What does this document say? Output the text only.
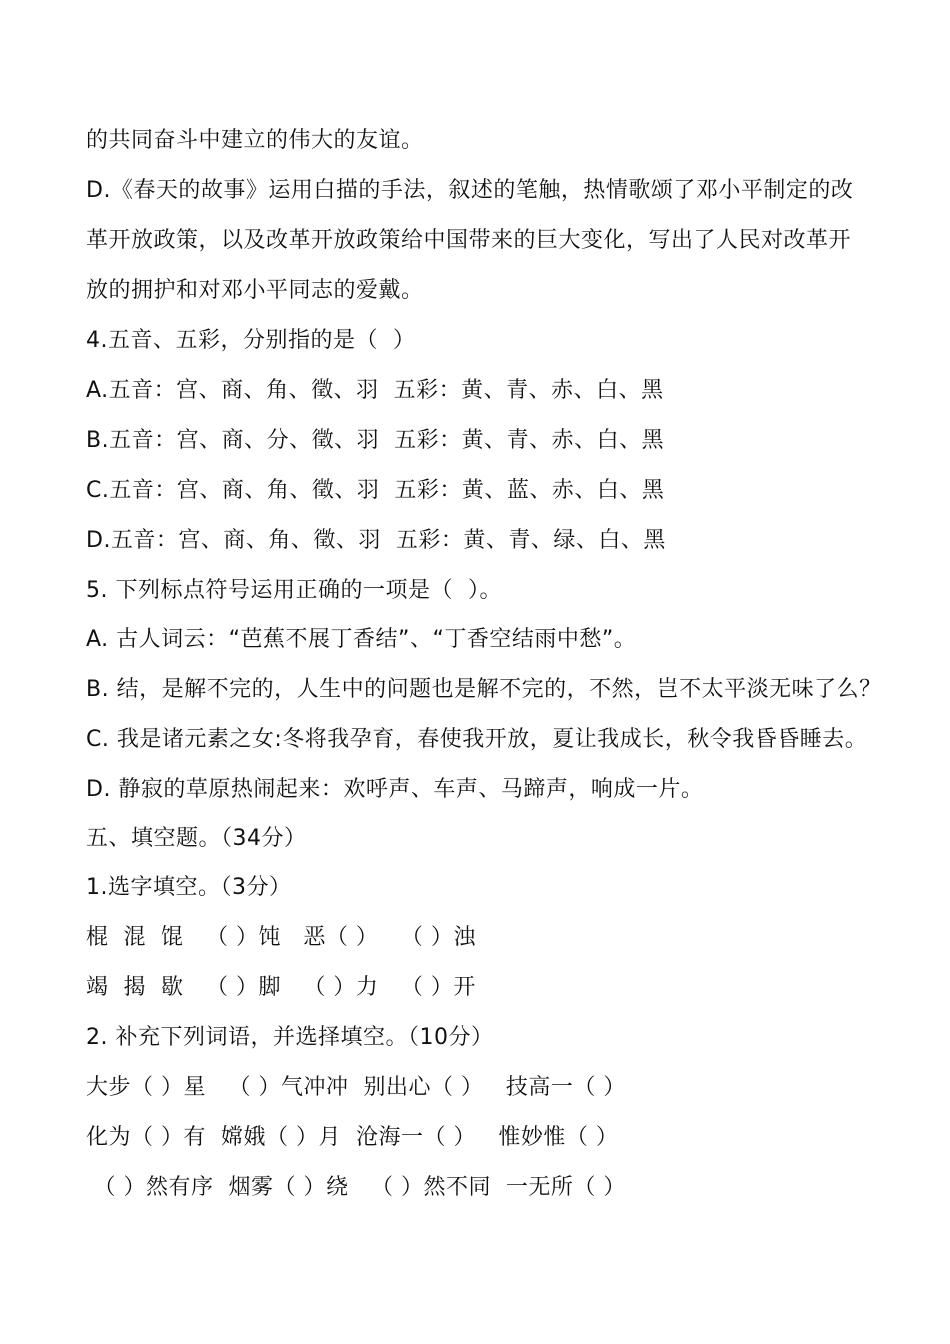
的共同奋斗中建立的伟大的友谊。
D.《春天的故事》运用白描的手法，叙述的笔触，热情歌颂了邓小平制定的改
革开放政策，以及改革开放政策给中国带来的巨大变化，写出了人民对改革开
放的拥护和对邓小平同志的爱戴。
4.五音、五彩，分别指的是（  ）
A.五音：宫、商、角、徵、羽  五彩：黄、青、赤、白、黑
B.五音：宫、商、分、徵、羽  五彩：黄、青、赤、白、黑
C.五音：宫、商、角、徵、羽  五彩：黄、蓝、赤、白、黑
D.五音：宫、商、角、徵、羽  五彩：黄、青、绿、白、黑
5. 下列标点符号运用正确的一项是（  ）。
A. 古人词云：“芭蕉不展丁香结”、“丁香空结雨中愁”。
B. 结，是解不完的，人生中的问题也是解不完的，不然，岂不太平淡无味了么？
C. 我是诸元素之女:冬将我孕育，春使我开放，夏让我成长，秋令我昏昏睡去。
D. 静寂的草原热闹起来：欢呼声、车声、马蹄声，响成一片。
五、填空题。（34分）
1.选字填空。（3分）
棍  混  馄   （ ）饨   恶（ ）   （ ）浊
竭  揭  歇   （ ）脚   （ ）力   （ ）开
2. 补充下列词语，并选择填空。（10分）
大步（ ）星   （ ）气冲冲  别出心（ ）   技高一（ ）
化为（ ）有  嫦娥（ ）月  沧海一（ ）   惟妙惟（ ）
（ ）然有序  烟雾（ ）绕   （ ）然不同  一无所（ ）
